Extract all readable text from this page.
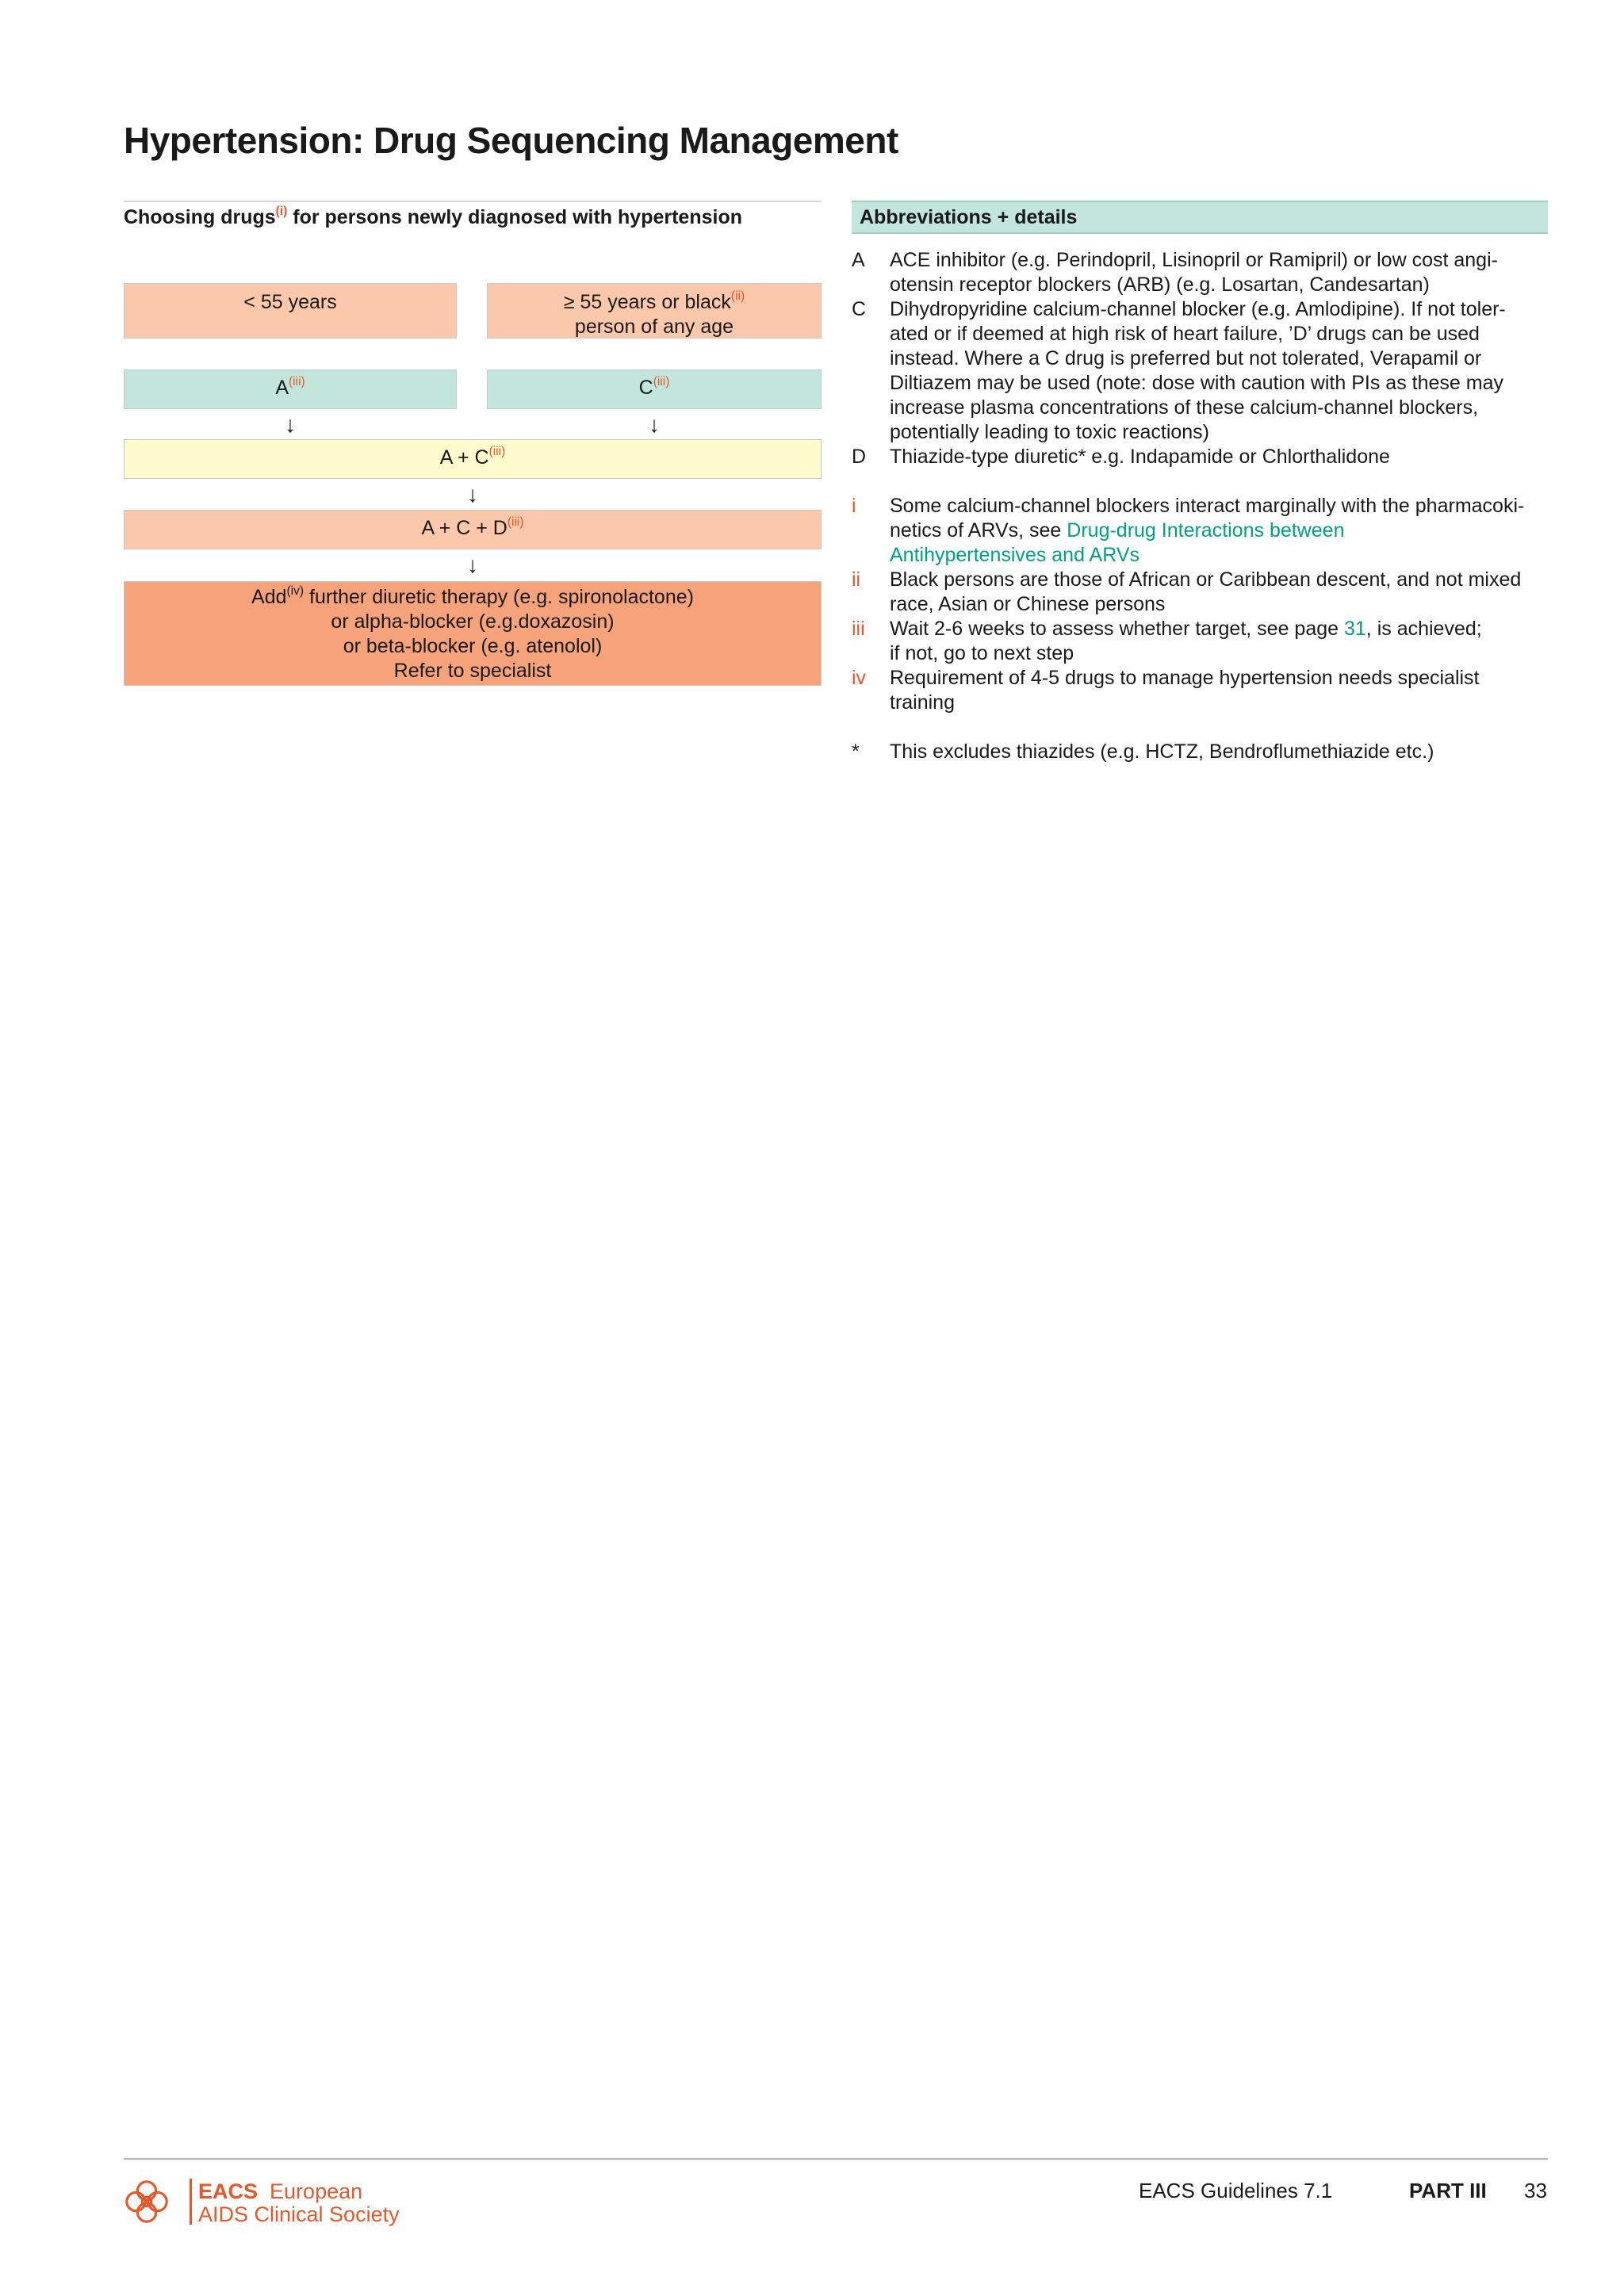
Hypertension: Drug Sequencing Management
Choosing drugs$^{(i)}$ for persons newly diagnosed with hypertension
< 55 years	≥ 55 years or black$^{(ii)}$
person of any age
$A^{(iii)}$	$C^{(iii)}$
↓	↓
$A + C^{(iii)}$
↓
$A + C + D^{(iii)}$
↓
Add$^{(iv)}$ further diuretic therapy (e.g. spironolactone)
or alpha-blocker (e.g.doxazosin)
or beta-blocker (e.g. atenolol)
Refer to specialist
Abbreviations + details
A ACE inhibitor (e.g. Perindopril, Lisinopril or Ramipril) or low cost angi-
otensin receptor blockers (ARB) (e.g. Losartan, Candesartan)
C Dihydropyridine calcium-channel blocker (e.g. Amlodipine). If not toler-
ated or if deemed at high risk of heart failure, ’D’ drugs can be used
instead. Where a C drug is preferred but not tolerated, Verapamil or
Diltiazem may be used (note: dose with caution with PIs as these may
increase plasma concentrations of these calcium-channel blockers,
potentially leading to toxic reactions)
D Thiazide-type diuretic* e.g. Indapamide or Chlorthalidone
i Some calcium-channel blockers interact marginally with the pharmacoki-
netics of ARVs, see Drug-drug Interactions between
Antihypertensives and ARVs
ii Black persons are those of African or Caribbean descent, and not mixed
race, Asian or Chinese persons
iii Wait 2-6 weeks to assess whether target, see page 31, is achieved;
if not, go to next step
iv Requirement of 4-5 drugs to manage hypertension needs specialist
training
* This excludes thiazides (e.g. HCTZ, Bendroflumethiazide etc.)
EACS European
AIDS Clinical Society
EACS Guidelines 7.1	PART III 33
